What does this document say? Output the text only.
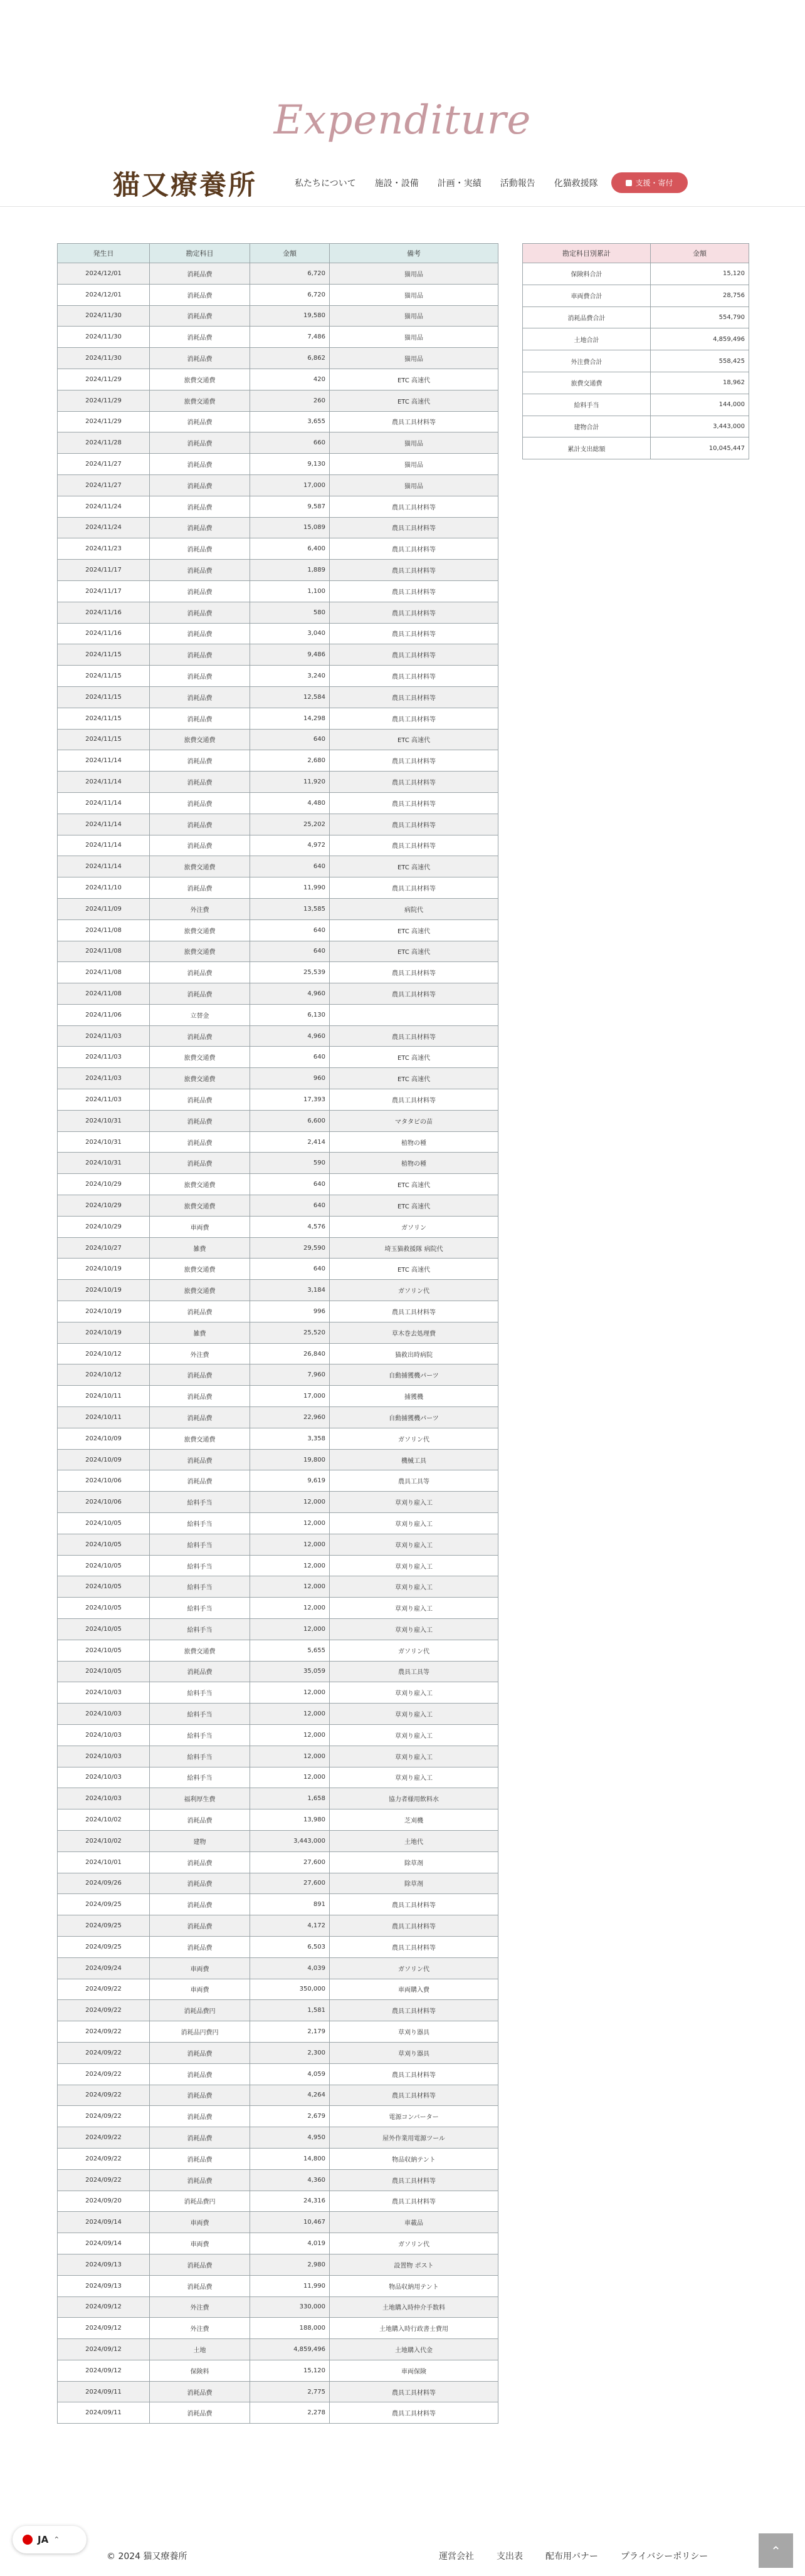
Expenditure
猫又療養所	私たちについて 施設・設備 計画・実績 活動報告 化猫救援隊	支援・寄付
発生日	勘定科目	金額	備考
2024/12/01	消耗品費	6,720	猫用品
2024/12/01	消耗品費	6,720	猫用品
2024/11/30	消耗品費	19,580	猫用品
2024/11/30	消耗品費	7,486	猫用品
2024/11/30	消耗品費	6,862	猫用品
2024/11/29	旅費交通費	420	ETC 高速代
2024/11/29	旅費交通費	260	ETC 高速代
2024/11/29	消耗品費	3,655	農具工具材料等
2024/11/28	消耗品費	660	猫用品
2024/11/27	消耗品費	9,130	猫用品
2024/11/27	消耗品費	17,000	猫用品
2024/11/24	消耗品費	9,587	農具工具材料等
2024/11/24	消耗品費	15,089	農具工具材料等
2024/11/23	消耗品費	6,400	農具工具材料等
2024/11/17	消耗品費	1,889	農具工具材料等
2024/11/17	消耗品費	1,100	農具工具材料等
2024/11/16	消耗品費	580	農具工具材料等
2024/11/16	消耗品費	3,040	農具工具材料等
2024/11/15	消耗品費	9,486	農具工具材料等
2024/11/15	消耗品費	3,240	農具工具材料等
2024/11/15	消耗品費	12,584	農具工具材料等
2024/11/15	消耗品費	14,298	農具工具材料等
2024/11/15	旅費交通費	640	ETC 高速代
2024/11/14	消耗品費	2,680	農具工具材料等
2024/11/14	消耗品費	11,920	農具工具材料等
2024/11/14	消耗品費	4,480	農具工具材料等
2024/11/14	消耗品費	25,202	農具工具材料等
2024/11/14	消耗品費	4,972	農具工具材料等
2024/11/14	旅費交通費	640	ETC 高速代
2024/11/10	消耗品費	11,990	農具工具材料等
2024/11/09	外注費	13,585	病院代
2024/11/08	旅費交通費	640	ETC 高速代
2024/11/08	旅費交通費	640	ETC 高速代
2024/11/08	消耗品費	25,539	農具工具材料等
2024/11/08	消耗品費	4,960	農具工具材料等
2024/11/06	立替金	6,130	
2024/11/03	消耗品費	4,960	農具工具材料等
2024/11/03	旅費交通費	640	ETC 高速代
2024/11/03	旅費交通費	960	ETC 高速代
2024/11/03	消耗品費	17,393	農具工具材料等
2024/10/31	消耗品費	6,600	マタタビの苗
2024/10/31	消耗品費	2,414	植物の種
2024/10/31	消耗品費	590	植物の種
2024/10/29	旅費交通費	640	ETC 高速代
2024/10/29	旅費交通費	640	ETC 高速代
2024/10/29	車両費	4,576	ガソリン
2024/10/27	雑費	29,590	埼玉猫救援隊 病院代
2024/10/19	旅費交通費	640	ETC 高速代
2024/10/19	旅費交通費	3,184	ガソリン代
2024/10/19	消耗品費	996	農具工具材料等
2024/10/19	雑費	25,520	草木巻去処理費
2024/10/12	外注費	26,840	猫救出時病院
2024/10/12	消耗品費	7,960	自動捕獲機パーツ
2024/10/11	消耗品費	17,000	捕獲機
2024/10/11	消耗品費	22,960	自動捕獲機パーツ
2024/10/09	旅費交通費	3,358	ガソリン代
2024/10/09	消耗品費	19,800	機械工具
2024/10/06	消耗品費	9,619	農具工具等
2024/10/06	給料手当	12,000	草刈り雇入工
2024/10/05	給料手当	12,000	草刈り雇入工
2024/10/05	給料手当	12,000	草刈り雇入工
2024/10/05	給料手当	12,000	草刈り雇入工
2024/10/05	給料手当	12,000	草刈り雇入工
2024/10/05	給料手当	12,000	草刈り雇入工
2024/10/05	給料手当	12,000	草刈り雇入工
2024/10/05	旅費交通費	5,655	ガソリン代
2024/10/05	消耗品費	35,059	農具工具等
2024/10/03	給料手当	12,000	草刈り雇入工
2024/10/03	給料手当	12,000	草刈り雇入工
2024/10/03	給料手当	12,000	草刈り雇入工
2024/10/03	給料手当	12,000	草刈り雇入工
2024/10/03	給料手当	12,000	草刈り雇入工
2024/10/03	福利厚生費	1,658	協力者様用飲料水
2024/10/02	消耗品費	13,980	芝刈機
2024/10/02	建物	3,443,000	土地代
2024/10/01	消耗品費	27,600	除草剤
2024/09/26	消耗品費	27,600	除草剤
2024/09/25	消耗品費	891	農具工具材料等
2024/09/25	消耗品費	4,172	農具工具材料等
2024/09/25	消耗品費	6,503	農具工具材料等
2024/09/24	車両費	4,039	ガソリン代
2024/09/22	車両費	350,000	車両購入費
2024/09/22	消耗品費円	1,581	農具工具材料等
2024/09/22	消耗品円費円	2,179	草刈り器具
2024/09/22	消耗品費	2,300	草刈り器具
2024/09/22	消耗品費	4,059	農具工具材料等
2024/09/22	消耗品費	4,264	農具工具材料等
2024/09/22	消耗品費	2,679	電源コンバーター
2024/09/22	消耗品費	4,950	屋外作業用電源ツール
2024/09/22	消耗品費	14,800	物品収納テント
2024/09/22	消耗品費	4,360	農具工具材料等
2024/09/20	消耗品費円	24,316	農具工具材料等
2024/09/14	車両費	10,467	車載品
2024/09/14	車両費	4,019	ガソリン代
2024/09/13	消耗品費	2,980	設置物 ポスト
2024/09/13	消耗品費	11,990	物品収納用テント
2024/09/12	外注費	330,000	土地購入時仲介手数料
2024/09/12	外注費	188,000	土地購入時行政書士費用
2024/09/12	土地	4,859,496	土地購入代金
2024/09/12	保険料	15,120	車両保険
2024/09/11	消耗品費	2,775	農具工具材料等
2024/09/11	消耗品費	2,278	農具工具材料等
勘定科目別累計	金額
保険料合計	15,120
車両費合計	28,756
消耗品費合計	554,790
土地合計	4,859,496
外注費合計	558,425
旅費交通費	18,962
給料手当	144,000
建物合計	3,443,000
累計支出総額	10,045,447
JA ⌃
© 2024 猫又療養所	運営会社	支出表	配布用バナー	プライバシーポリシー	⌃
